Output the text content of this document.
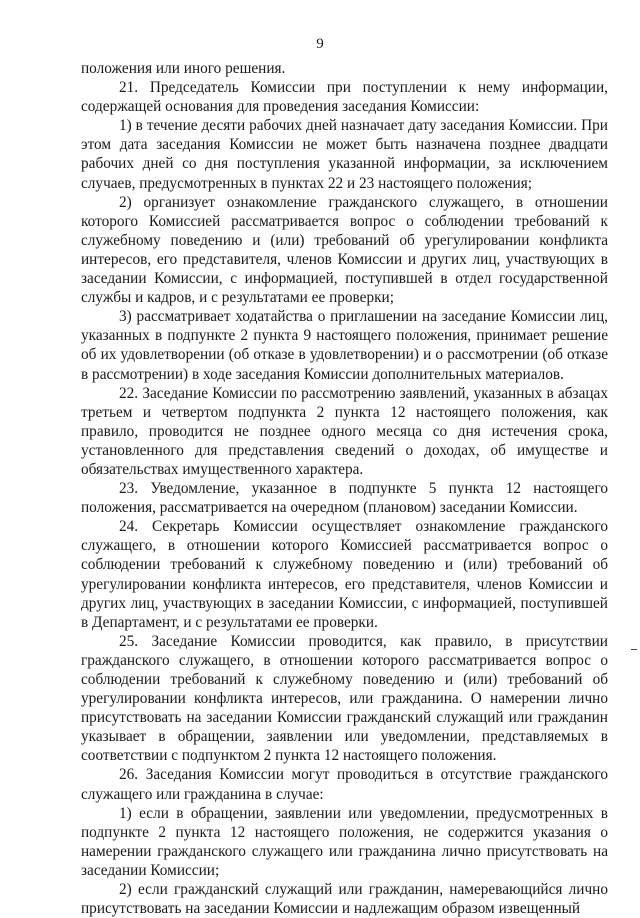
9

положения или иного решения.

21. Председатель Комиссии при поступлении к нему информации, содержащей основания для проведения заседания Комиссии:

1) в течение десяти рабочих дней назначает дату заседания Комиссии. При этом дата заседания Комиссии не может быть назначена позднее двадцати рабочих дней со дня поступления указанной информации, за исключением случаев, предусмотренных в пунктах 22 и 23 настоящего положения;

2) организует ознакомление гражданского служащего, в отношении которого Комиссией рассматривается вопрос о соблюдении требований к служебному поведению и (или) требований об урегулировании конфликта интересов, его представителя, членов Комиссии и других лиц, участвующих в заседании Комиссии, с информацией, поступившей в отдел государственной службы и кадров, и с результатами ее проверки;

3) рассматривает ходатайства о приглашении на заседание Комиссии лиц, указанных в подпункте 2 пункта 9 настоящего положения, принимает решение об их удовлетворении (об отказе в удовлетворении) и о рассмотрении (об отказе в рассмотрении) в ходе заседания Комиссии дополнительных материалов.

22. Заседание Комиссии по рассмотрению заявлений, указанных в абзацах третьем и четвертом подпункта 2 пункта 12 настоящего положения, как правило, проводится не позднее одного месяца со дня истечения срока, установленного для представления сведений о доходах, об имуществе и обязательствах имущественного характера.

23. Уведомление, указанное в подпункте 5 пункта 12 настоящего положения, рассматривается на очередном (плановом) заседании Комиссии.

24. Секретарь Комиссии осуществляет ознакомление гражданского служащего, в отношении которого Комиссией рассматривается вопрос о соблюдении требований к служебному поведению и (или) требований об урегулировании конфликта интересов, его представителя, членов Комиссии и других лиц, участвующих в заседании Комиссии, с информацией, поступившей в Департамент, и с результатами ее проверки.

25. Заседание Комиссии проводится, как правило, в присутствии гражданского служащего, в отношении которого рассматривается вопрос о соблюдении требований к служебному поведению и (или) требований об урегулировании конфликта интересов, или гражданина. О намерении лично присутствовать на заседании Комиссии гражданский служащий или гражданин указывает в обращении, заявлении или уведомлении, представляемых в соответствии с подпунктом 2 пункта 12 настоящего положения.

26. Заседания Комиссии могут проводиться в отсутствие гражданского служащего или гражданина в случае:

1) если в обращении, заявлении или уведомлении, предусмотренных в подпункте 2 пункта 12 настоящего положения, не содержится указания о намерении гражданского служащего или гражданина лично присутствовать на заседании Комиссии;

2) если гражданский служащий или гражданин, намеревающийся лично присутствовать на заседании Комиссии и надлежащим образом извещенный
